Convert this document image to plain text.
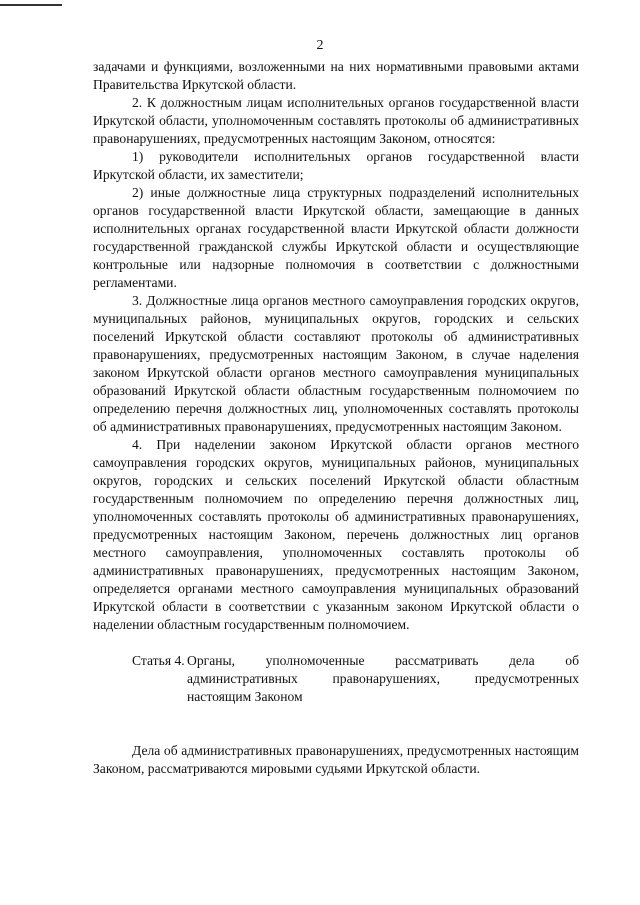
2

задачами и функциями, возложенными на них нормативными правовыми актами Правительства Иркутской области.

2. К должностным лицам исполнительных органов государственной власти Иркутской области, уполномоченным составлять протоколы об административных правонарушениях, предусмотренных настоящим Законом, относятся:

1) руководители исполнительных органов государственной власти Иркутской области, их заместители;

2) иные должностные лица структурных подразделений исполнительных органов государственной власти Иркутской области, замещающие в данных исполнительных органах государственной власти Иркутской области должности государственной гражданской службы Иркутской области и осуществляющие контрольные или надзорные полномочия в соответствии с должностными регламентами.

3. Должностные лица органов местного самоуправления городских округов, муниципальных районов, муниципальных округов, городских и сельских поселений Иркутской области составляют протоколы об административных правонарушениях, предусмотренных настоящим Законом, в случае наделения законом Иркутской области органов местного самоуправления муниципальных образований Иркутской области областным государственным полномочием по определению перечня должностных лиц, уполномоченных составлять протоколы об административных правонарушениях, предусмотренных настоящим Законом.

4. При наделении законом Иркутской области органов местного самоуправления городских округов, муниципальных районов, муниципальных округов, городских и сельских поселений Иркутской области областным государственным полномочием по определению перечня должностных лиц, уполномоченных составлять протоколы об административных правонарушениях, предусмотренных настоящим Законом, перечень должностных лиц органов местного самоуправления, уполномоченных составлять протоколы об административных правонарушениях, предусмотренных настоящим Законом, определяется органами местного самоуправления муниципальных образований Иркутской области в соответствии с указанным законом Иркутской области о наделении областным государственным полномочием.

Статья 4. Органы, уполномоченные рассматривать дела об административных правонарушениях, предусмотренных настоящим Законом

Дела об административных правонарушениях, предусмотренных настоящим Законом, рассматриваются мировыми судьями Иркутской области.
